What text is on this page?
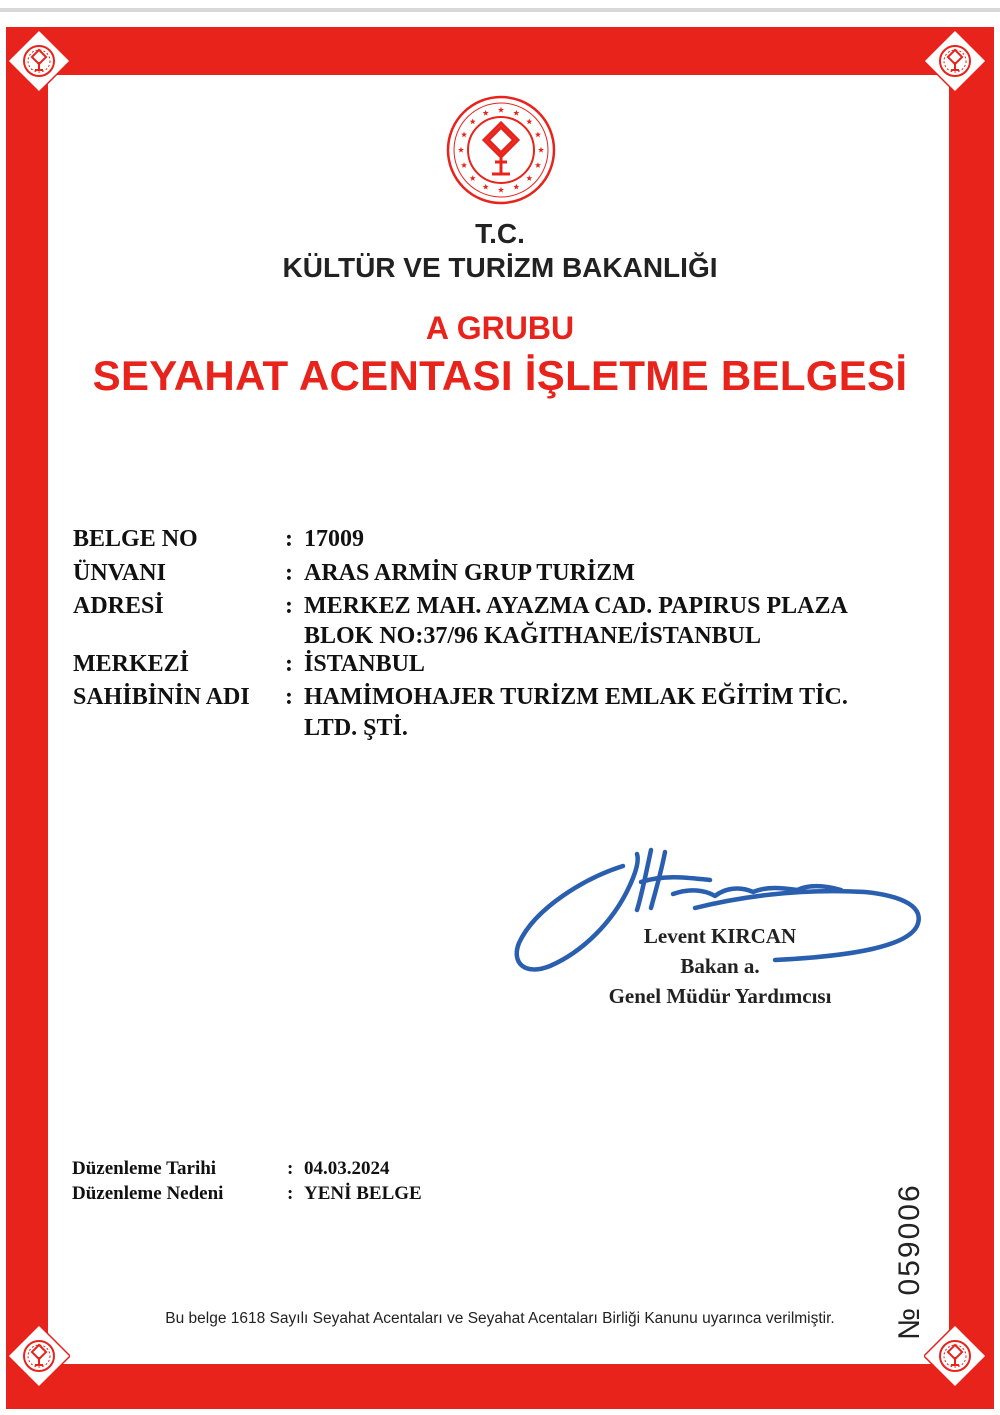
T.C.
KÜLTÜR VE TURİZM BAKANLIĞI
A GRUBU
SEYAHAT ACENTASI İŞLETME BELGESİ
BELGE NO	: 17009
ÜNVANI	: ARAS ARMİN GRUP TURİZM
ADRESİ	: MERKEZ MAH. AYAZMA CAD. PAPIRUS PLAZA
BLOK NO:37/96 KAĞITHANE/İSTANBUL
MERKEZİ	: İSTANBUL
SAHİBİNİN ADI : HAMİMOHAJER TURİZM EMLAK EĞİTİM TİC.
LTD. ŞTİ.
Levent KIRCAN
Bakan a.
Genel Müdür Yardımcısı
Düzenleme Tarihi	: 04.03.2024
Düzenleme Nedeni	: YENİ BELGE	№ 059006
Bu belge 1618 Sayılı Seyahat Acentaları ve Seyahat Acentaları Birliği Kanunu uyarınca verilmiştir.
